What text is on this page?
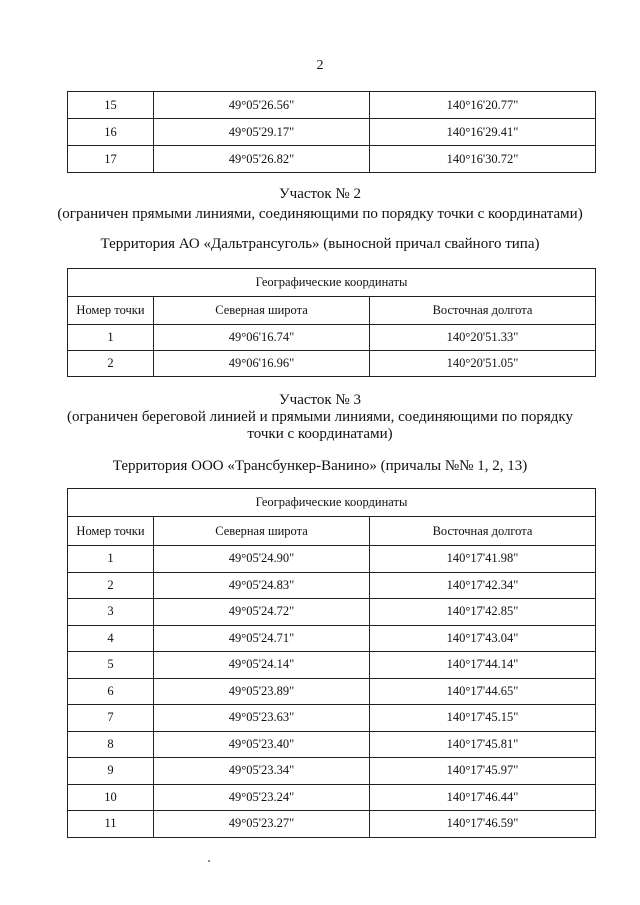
2
15	49°05'26.56"	140°16'20.77"
16	49°05'29.17"	140°16'29.41"
17	49°05'26.82"	140°16'30.72"
Участок № 2
(ограничен прямыми линиями, соединяющими по порядку точки с координатами)
Территория АО «Дальтрансуголь» (выносной причал свайного типа)
Географические координаты		
Номер точки	Северная широта	Восточная долгота
1	49°06'16.74"	140°20'51.33"
2	49°06'16.96"	140°20'51.05"
Участок № 3
(ограничен береговой линией и прямыми линиями, соединяющими по порядку
точки с координатами)
Территория ООО «Трансбункер-Ванино» (причалы №№ 1, 2, 13)
Географические координаты		
Номер точки	Северная широта	Восточная долгота
1	49°05'24.90"	140°17'41.98"
2	49°05'24.83"	140°17'42.34"
3	49°05'24.72"	140°17'42.85"
4	49°05'24.71"	140°17'43.04"
5	49°05'24.14"	140°17'44.14"
6	49°05'23.89"	140°17'44.65"
7	49°05'23.63"	140°17'45.15"
8	49°05'23.40"	140°17'45.81"
9	49°05'23.34"	140°17'45.97"
10	49°05'23.24"	140°17'46.44"
11	49°05'23.27"	140°17'46.59"
